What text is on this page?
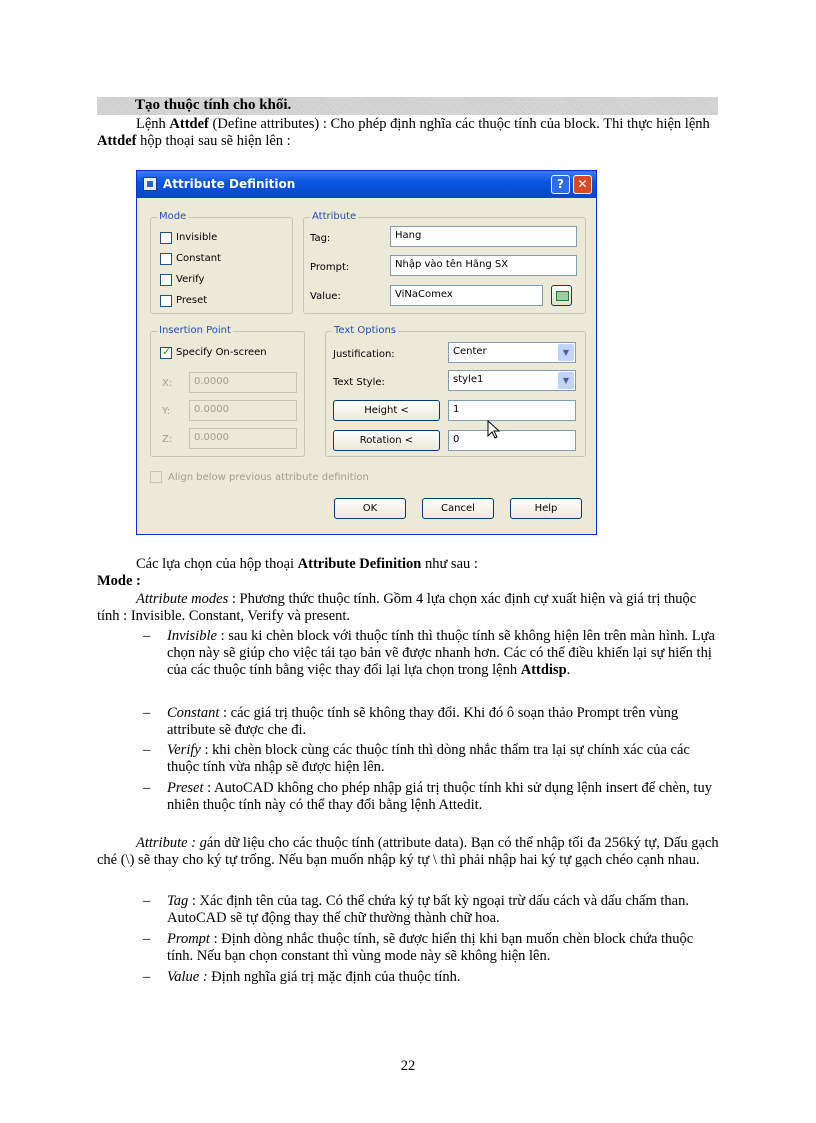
Tạo thuộc tính cho khối.
Lệnh Attdef (Define attributes) : Cho phép định nghĩa các thuộc tính của block. Thi thực hiện lệnh Attdef hộp thoại sau sẽ hiện lên :
Attribute Definition	?	✕
Mode
Invisible
Constant
Verify
Preset
Attribute
Tag:	Hang
Prompt:	Nhập vào tên Hãng SX
Value:	ViNaComex
Insertion Point
✓
Specify On-screen
X:	0.0000
Y:	0.0000
Z:	0.0000
Text Options
Justification:	Center	▼
Text Style:	style1	▼
Height <	1
Rotation <	0
Align below previous attribute definition
OK	Cancel	Help
Các lựa chọn của hộp thoại Attribute Definition như sau :
Mode :
Attribute modes : Phương thức thuộc tính. Gồm 4 lựa chọn xác định cự xuất hiện và giá trị thuộc tính : Invisible. Constant, Verify và present.
– Invisible : sau ki chèn block với thuộc tính thì thuộc tính sẽ không hiện lên trên màn hình. Lựa chọn này sẽ giúp cho việc tái tạo bản vẽ được nhanh hơn. Các có thể điều khiển lại sự hiển thị của các thuộc tính bằng việc thay đổi lại lựa chọn trong lệnh Attdisp.
– Constant : các giá trị thuộc tính sẽ không thay đổi. Khi đó ô soạn thảo Prompt trên vùng attribute sẽ được che đi.
– Verify : khi chèn block cùng các thuộc tính thì dòng nhắc thẩm tra lại sự chính xác của các thuộc tính vừa nhập sẽ được hiện lên.
– Preset : AutoCAD không cho phép nhập giá trị thuộc tính khi sử dụng lệnh insert để chèn, tuy nhiên thuộc tính này có thể thay đổi bằng lệnh Attedit.
Attribute : gán dữ liệu cho các thuộc tính (attribute data). Bạn có thể nhập tối đa 256ký tự, Dấu gạch ché (\) sẽ thay cho ký tự trống. Nếu bạn muốn nhập ký tự \ thì phải nhập hai ký tự gạch chéo cạnh nhau.
– Tag : Xác định tên của tag. Có thể chứa ký tự bất kỳ ngoại trừ dấu cách và dấu chấm than. AutoCAD sẽ tự động thay thế chữ thường thành chữ hoa.
– Prompt : Định dòng nhắc thuộc tính, sẽ được hiển thị khi bạn muốn chèn block chứa thuộc tính. Nếu bạn chọn constant thì vùng mode này sẽ không hiện lên.
– Value : Định nghĩa giá trị mặc định của thuộc tính.
22
